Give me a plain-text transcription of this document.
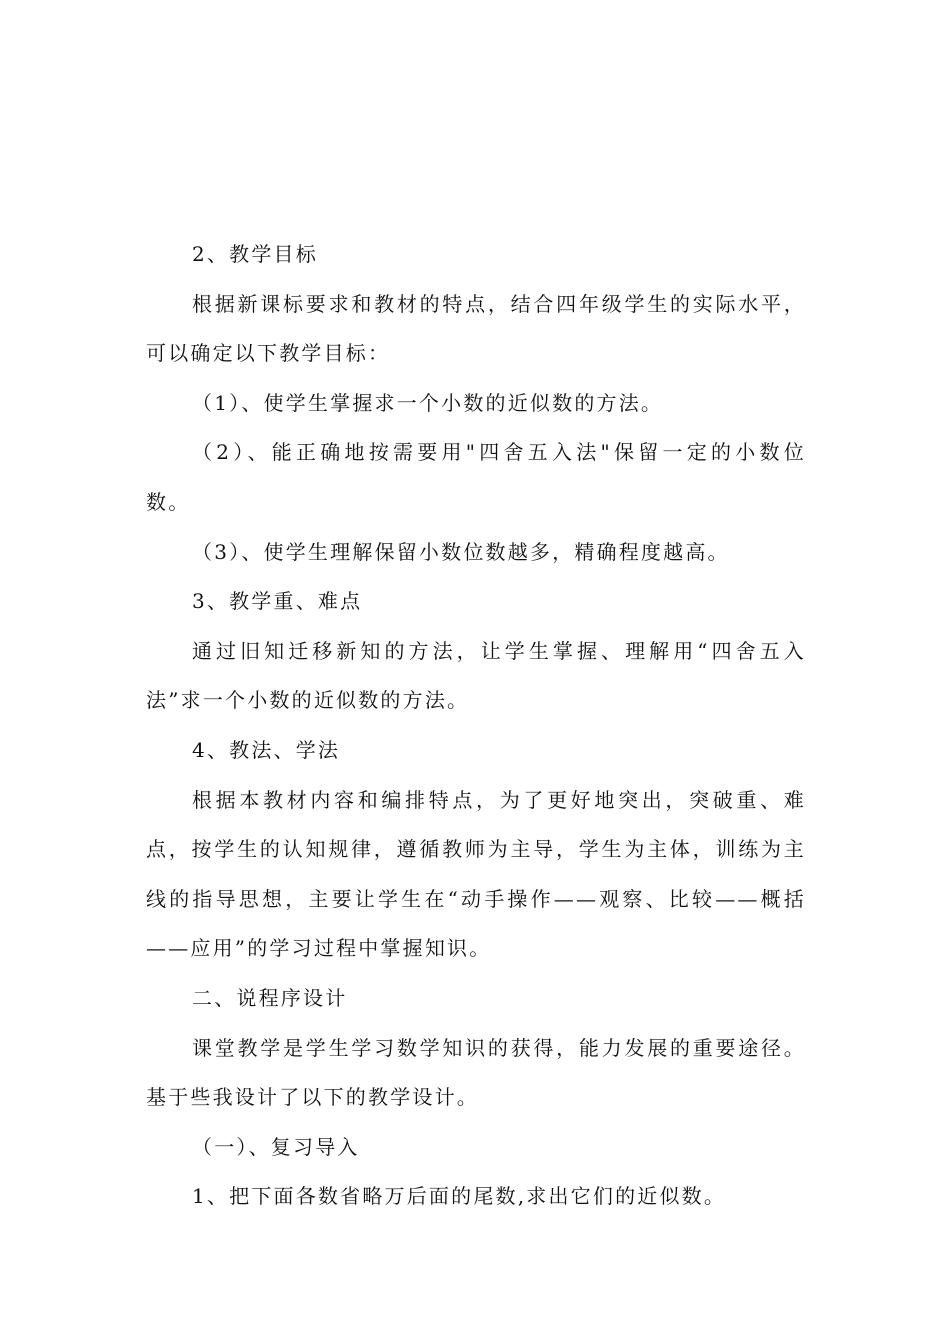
2、教学目标
根据新课标要求和教材的特点，结合四年级学生的实际水平，
可以确定以下教学目标：
（1）、使学生掌握求一个小数的近似数的方法。
（2）、能正确地按需要用"四舍五入法"保留一定的小数位
数。
（3）、使学生理解保留小数位数越多，精确程度越高。
3、教学重、难点
通过旧知迁移新知的方法，让学生掌握、理解用“四舍五入
法”求一个小数的近似数的方法。
4、教法、学法
根据本教材内容和编排特点，为了更好地突出，突破重、难
点，按学生的认知规律，遵循教师为主导，学生为主体，训练为主
线的指导思想，主要让学生在“动手操作——观察、比较——概括
——应用”的学习过程中掌握知识。
二、说程序设计
课堂教学是学生学习数学知识的获得，能力发展的重要途径。
基于些我设计了以下的教学设计。
（一）、复习导入
1、把下面各数省略万后面的尾数,求出它们的近似数。
